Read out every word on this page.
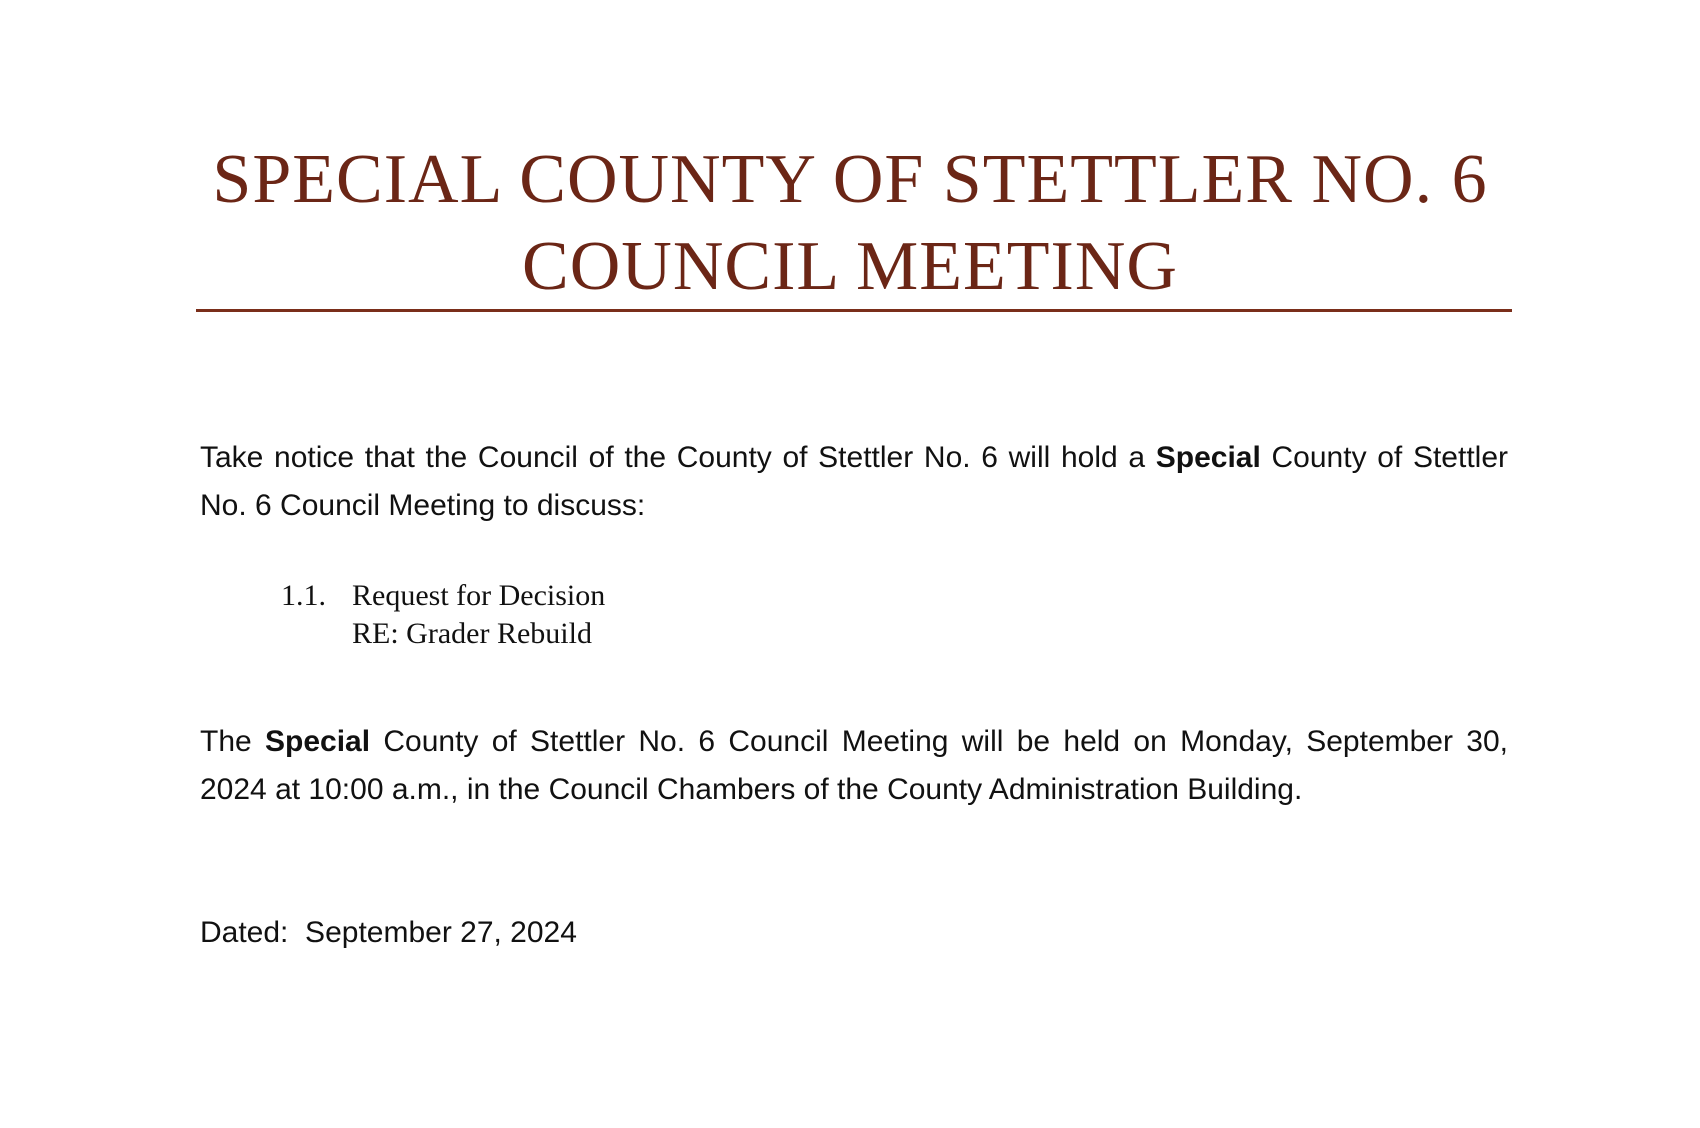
SPECIAL COUNTY OF STETTLER NO. 6
COUNCIL MEETING
Take notice that the Council of the County of Stettler No. 6 will hold a Special County of Stettler No. 6 Council Meeting to discuss:
1.1. Request for Decision
RE: Grader Rebuild
The Special County of Stettler No. 6 Council Meeting will be held on Monday, September 30, 2024 at 10:00 a.m., in the Council Chambers of the County Administration Building.
Dated:  September 27, 2024
